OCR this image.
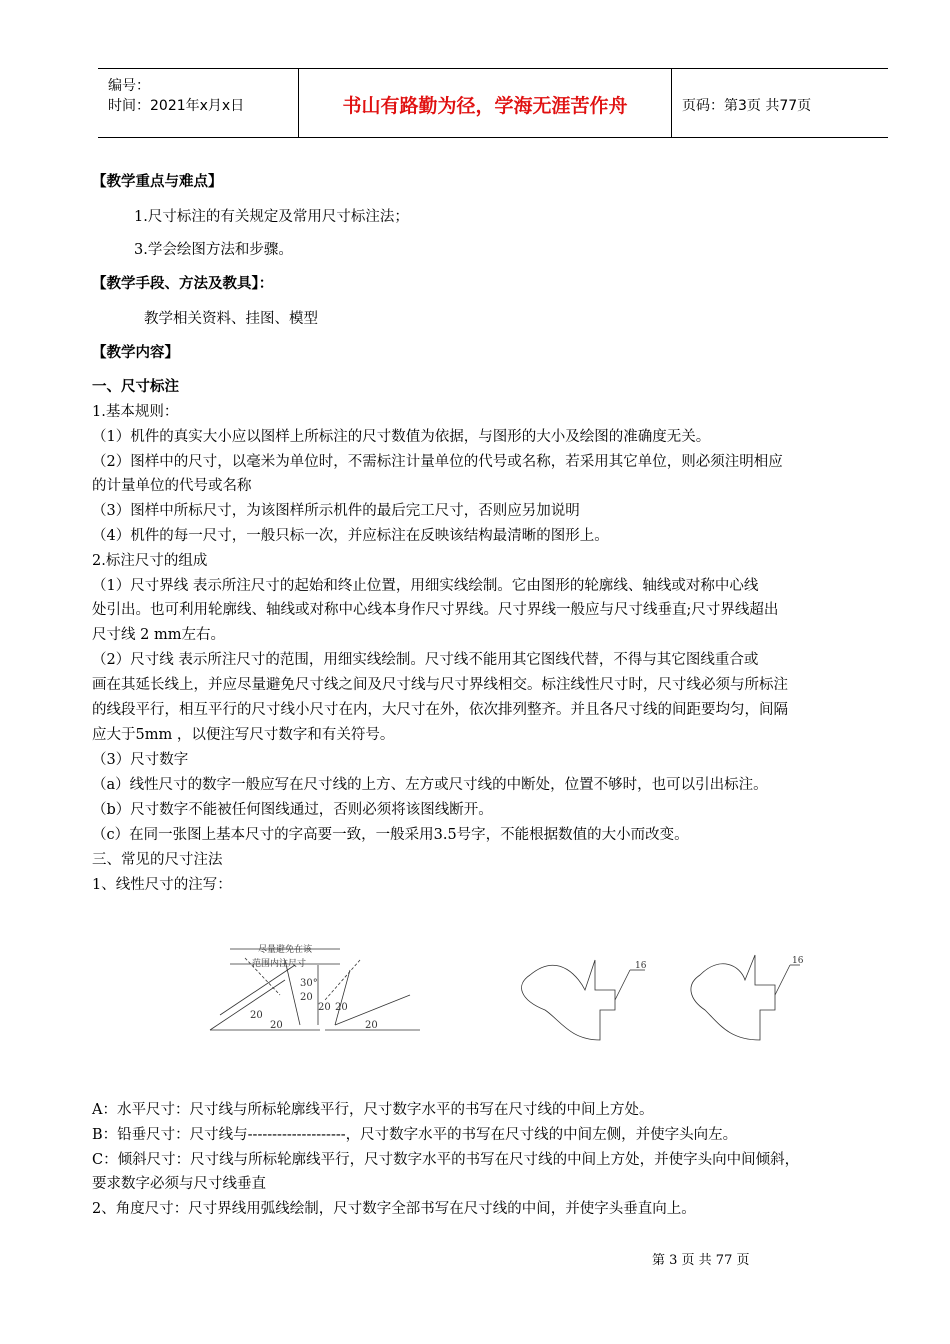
编号：
时间：2021年x月x日	书山有路勤为径，学海无涯苦作舟	页码：第3页 共77页
【教学重点与难点】
1.尺寸标注的有关规定及常用尺寸标注法；
3.学会绘图方法和步骤。
【教学手段、方法及教具】：
教学相关资料、挂图、模型
【教学内容】
一、尺寸标注
1.基本规则：
（1）机件的真实大小应以图样上所标注的尺寸数值为依据，与图形的大小及绘图的准确度无关。
（2）图样中的尺寸，以毫米为单位时，不需标注计量单位的代号或名称，若采用其它单位，则必须注明相应
的计量单位的代号或名称
（3）图样中所标尺寸，为该图样所示机件的最后完工尺寸，否则应另加说明
（4）机件的每一尺寸，一般只标一次，并应标注在反映该结构最清晰的图形上。
2.标注尺寸的组成
（1）尺寸界线 表示所注尺寸的起始和终止位置，用细实线绘制。它由图形的轮廓线、轴线或对称中心线
处引出。也可利用轮廓线、轴线或对称中心线本身作尺寸界线。尺寸界线一般应与尺寸线垂直;尺寸界线超出
尺寸线 2 mm左右。
（2）尺寸线 表示所注尺寸的范围，用细实线绘制。尺寸线不能用其它图线代替，不得与其它图线重合或
画在其延长线上，并应尽量避免尺寸线之间及尺寸线与尺寸界线相交。标注线性尺寸时，尺寸线必须与所标注
的线段平行，相互平行的尺寸线小尺寸在内，大尺寸在外，依次排列整齐。并且各尺寸线的间距要均匀，间隔
应大于5mm ，以便注写尺寸数字和有关符号。
（3）尺寸数字
（a）线性尺寸的数字一般应写在尺寸线的上方、左方或尺寸线的中断处，位置不够时，也可以引出标注。
（b）尺寸数字不能被任何图线通过，否则必须将该图线断开。
（c）在同一张图上基本尺寸的字高要一致，一般采用3.5号字，不能根据数值的大小而改变。
三、常见的尺寸注法
1、线性尺寸的注写：
尽量避免在该
范围内注尺寸
30°
20
20
20
20 20
20
16	16
A：水平尺寸：尺寸线与所标轮廓线平行，尺寸数字水平的书写在尺寸线的中间上方处。
B：铅垂尺寸：尺寸线与--------------------，尺寸数字水平的书写在尺寸线的中间左侧，并使字头向左。
C：倾斜尺寸：尺寸线与所标轮廓线平行，尺寸数字水平的书写在尺寸线的中间上方处，并使字头向中间倾斜，
要求数字必须与尺寸线垂直
2、角度尺寸：尺寸界线用弧线绘制，尺寸数字全部书写在尺寸线的中间，并使字头垂直向上。
第 3 页 共 77 页
